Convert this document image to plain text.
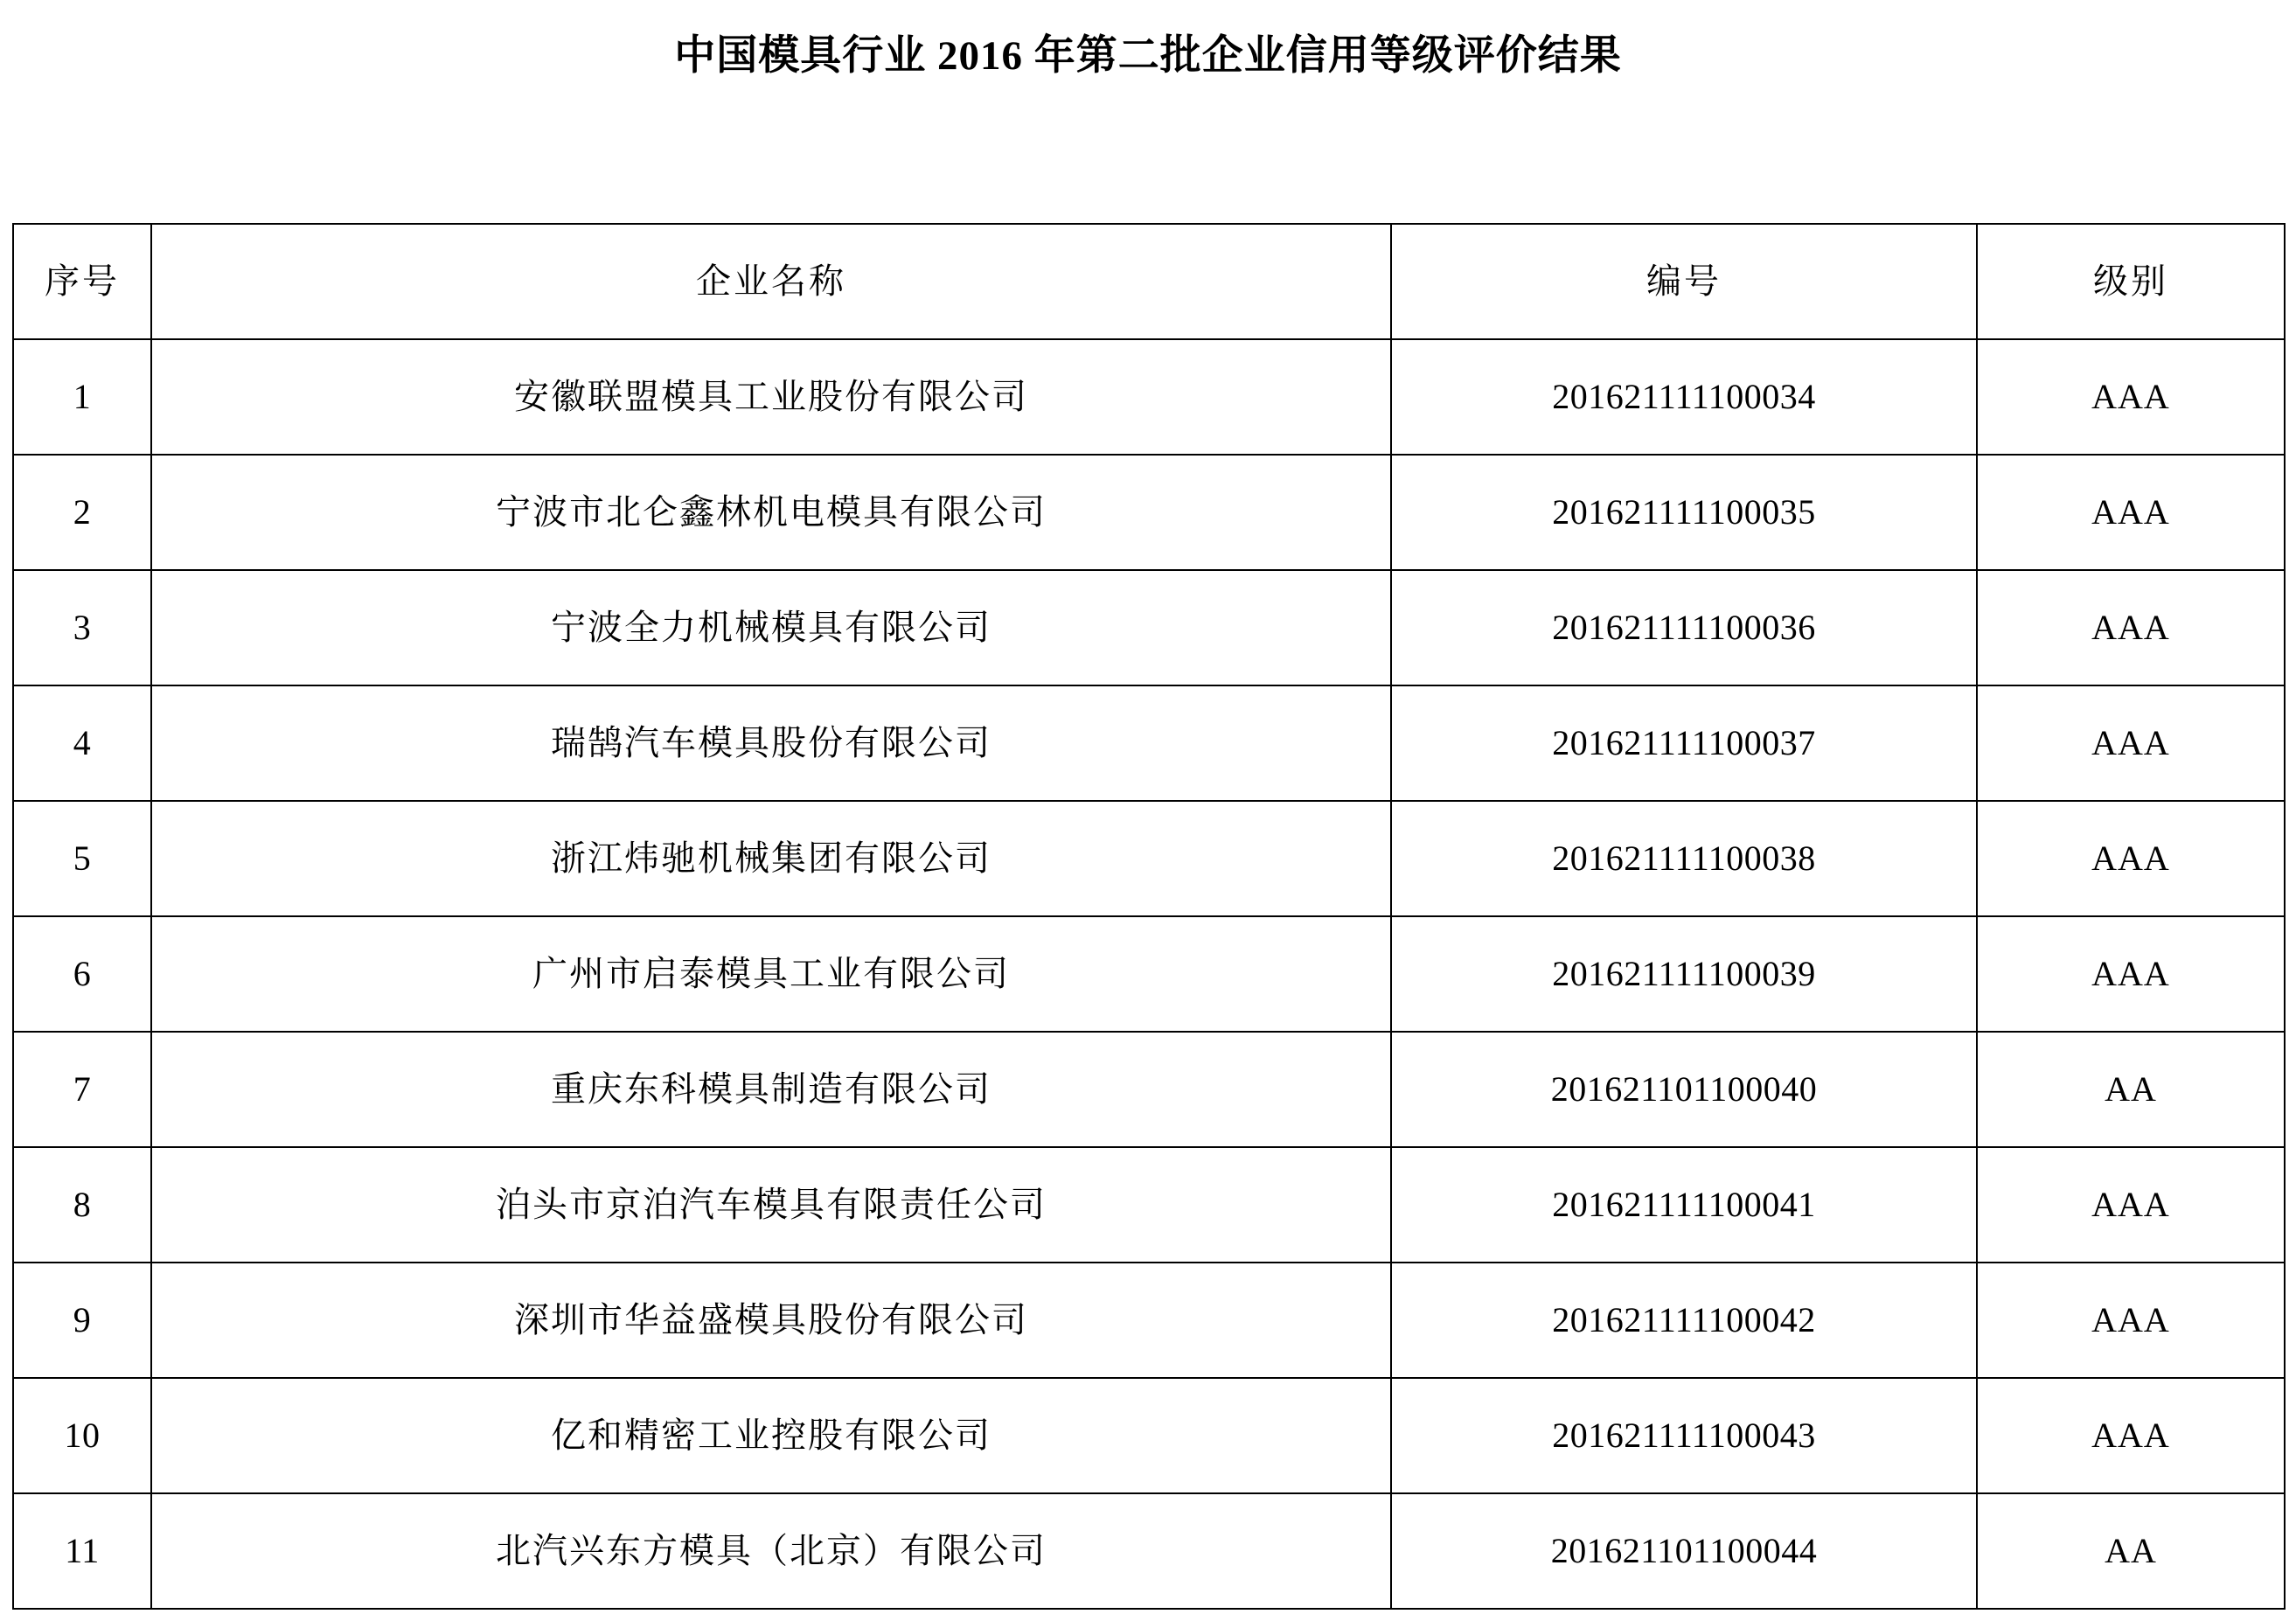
中国模具行业 2016 年第二批企业信用等级评价结果
序号	企业名称	编号	级别
1	安徽联盟模具工业股份有限公司	201621111100034	AAA
2	宁波市北仑鑫林机电模具有限公司	201621111100035	AAA
3	宁波全力机械模具有限公司	201621111100036	AAA
4	瑞鹄汽车模具股份有限公司	201621111100037	AAA
5	浙江炜驰机械集团有限公司	201621111100038	AAA
6	广州市启泰模具工业有限公司	201621111100039	AAA
7	重庆东科模具制造有限公司	201621101100040	AA
8	泊头市京泊汽车模具有限责任公司	201621111100041	AAA
9	深圳市华益盛模具股份有限公司	201621111100042	AAA
10	亿和精密工业控股有限公司	201621111100043	AAA
11	北汽兴东方模具（北京）有限公司	201621101100044	AA
